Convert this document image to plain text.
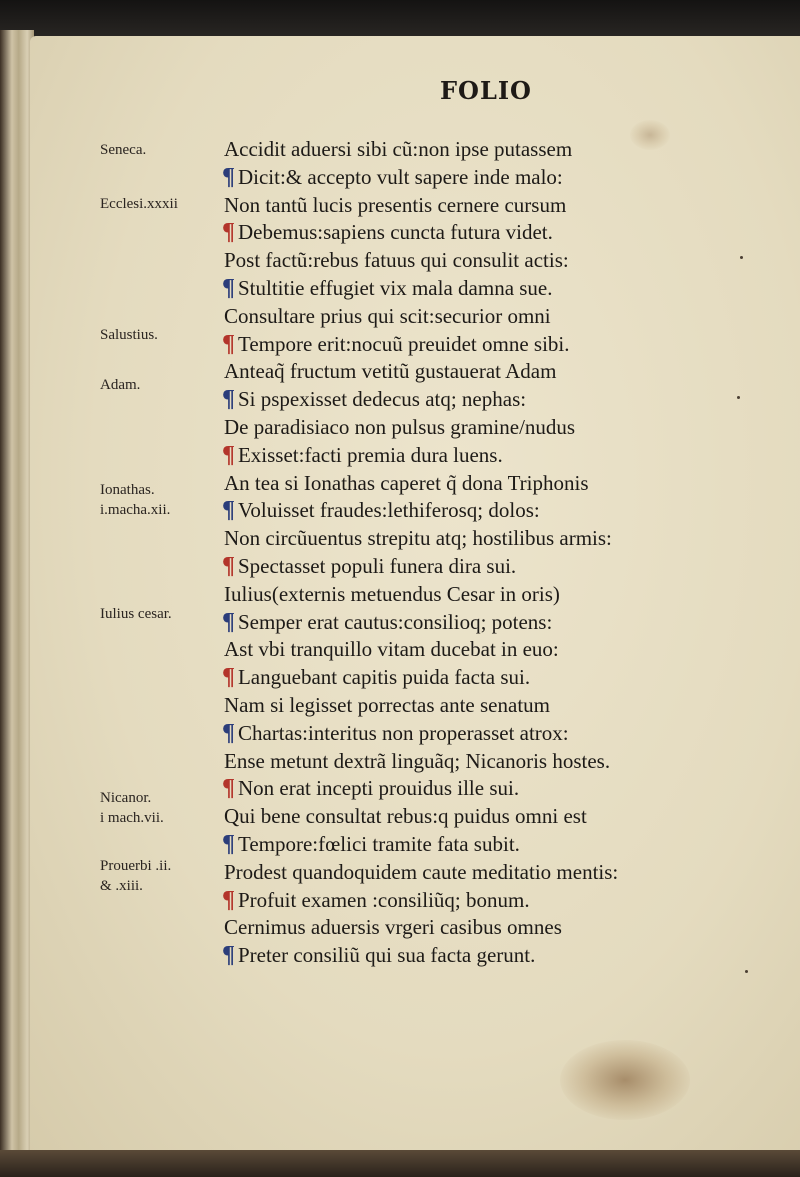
FOLIO
Seneca.
Ecclesi.xxxii
Salustius.
Adam.
Ionathas.
i.macha.xii.
Iulius cesar.
Nicanor.
i mach.vii.
Prouerbi .ii.
& .xiii.
Accidit aduersi sibi cũ:non ipse putassem
¶ Dicit:& accepto vult sapere inde malo:
Non tantũ lucis presentis cernere cursum
¶ Debemus:sapiens cuncta futura videt.
Post factũ:rebus fatuus qui consulit actis:
¶ Stultitie effugiet vix mala damna sue.
Consultare prius qui scit:securior omni
¶ Tempore erit:nocuũ preuidet omne sibi.
Anteaq̃ fructum vetitũ gustauerat Adam
¶ Si pspexisset dedecus atq; nephas:
De paradisiaco non pulsus gramine/nudus
¶ Exisset:facti premia dura luens.
An tea si Ionathas caperet q̃ dona Triphonis
¶ Voluisset fraudes:lethiferosq; dolos:
Non circũuentus strepitu atq; hostilibus armis:
¶ Spectasset populi funera dira sui.
Iulius(externis metuendus Cesar in oris)
¶ Semper erat cautus:consilioq; potens:
Ast vbi tranquillo vitam ducebat in euo:
¶ Languebant capitis puida facta sui.
Nam si legisset porrectas ante senatum
¶ Chartas:interitus non properasset atrox:
Ense metunt dextrã linguãq; Nicanoris hostes.
¶ Non erat incepti prouidus ille sui.
Qui bene consultat rebus:q puidus omni est
¶ Tempore:fœlici tramite fata subit.
Prodest quandoquidem caute meditatio mentis:
¶ Profuit examen :consiliũq; bonum.
Cernimus aduersis vrgeri casibus omnes
¶ Preter consiliũ qui sua facta gerunt.
